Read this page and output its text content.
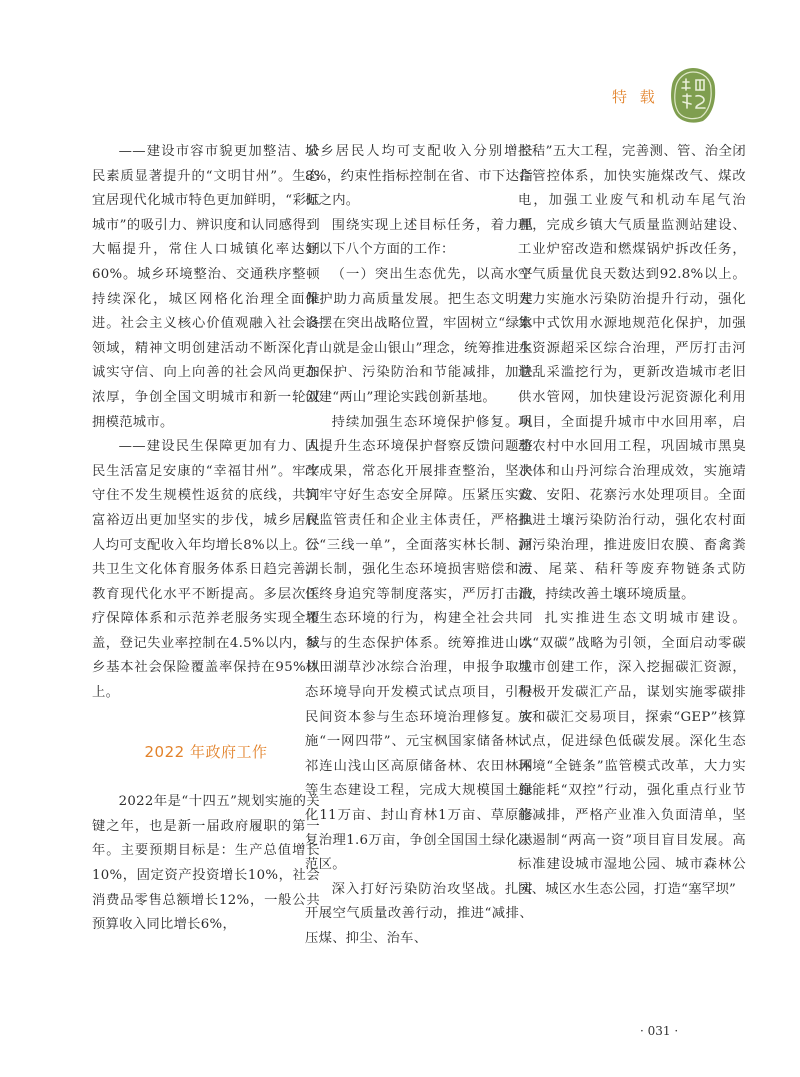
特 载

——建设市容市貌更加整洁、公民素质显著提升的“文明甘州”。生态宜居现代化城市特色更加鲜明，“彩虹城市”的吸引力、辨识度和认同感得到大幅提升，常住人口城镇化率达到60%。城乡环境整治、交通秩序整顿持续深化，城区网格化治理全面推进。社会主义核心价值观融入社会各领域，精神文明创建活动不断深化，诚实守信、向上向善的社会风尚更加浓厚，争创全国文明城市和新一轮双拥模范城市。

——建设民生保障更加有力、人民生活富足安康的“幸福甘州”。牢牢守住不发生规模性返贫的底线，共同富裕迈出更加坚实的步伐，城乡居民人均可支配收入年均增长8%以上。公共卫生文化体育服务体系日趋完善，教育现代化水平不断提高。多层次医疗保障体系和示范养老服务实现全覆盖，登记失业率控制在4.5%以内，城乡基本社会保险覆盖率保持在95%以上。

2022 年政府工作

2022年是“十四五”规划实施的关键之年，也是新一届政府履职的第一年。主要预期目标是：生产总值增长10%，固定资产投资增长10%，社会消费品零售总额增长12%，一般公共预算收入同比增长6%，

城乡居民人均可支配收入分别增长8%，约束性指标控制在省、市下达指标之内。

围绕实现上述目标任务，着力抓好以下八个方面的工作：

（一）突出生态优先，以高水平保护助力高质量发展。把生态文明建设摆在突出战略位置，牢固树立“绿水青山就是金山银山”理念，统筹推进生态保护、污染防治和节能减排，加快创建“两山”理论实践创新基地。

持续加强生态环境保护修复。巩固提升生态环境保护督察反馈问题整改成果，常态化开展排查整治，坚决筑牢守好生态安全屏障。压紧压实政府监管责任和企业主体责任，严格执行“三线一单”，全面落实林长制、河湖长制，强化生态环境损害赔偿和责任终身追究等制度落实，严厉打击破坏生态环境的行为，构建全社会共同参与的生态保护体系。统筹推进山水林田湖草沙冰综合治理，申报争取生态环境导向开发模式试点项目，引导民间资本参与生态环境治理修复。实施“一网四带”、元宝枫国家储备林、祁连山浅山区高原储备林、农田林网等生态建设工程，完成大规模国土绿化11万亩、封山育林1万亩、草原修复治理1.6万亩，争创全国国土绿化示范区。

深入打好污染防治攻坚战。扎实开展空气质量改善行动，推进“减排、压煤、抑尘、治车、

控秸”五大工程，完善测、管、治全闭合管控体系，加快实施煤改气、煤改电，加强工业废气和机动车尾气治理，完成乡镇大气质量监测站建设、工业炉窑改造和燃煤锅炉拆改任务，空气质量优良天数达到92.8%以上。大力实施水污染防治提升行动，强化集中式饮用水源地规范化保护，加强水资源超采区综合治理，严厉打击河道乱采滥挖行为，更新改造城市老旧供水管网，加快建设污泥资源化利用项目，全面提升城市中水回用率，启动农村中水回用工程，巩固城市黑臭水体和山丹河综合治理成效，实施靖安、安阳、花寨污水处理项目。全面推进土壤污染防治行动，强化农村面源污染治理，推进废旧农膜、畜禽粪污、尾菜、秸秆等废弃物链条式防治，持续改善土壤环境质量。

扎实推进生态文明城市建设。以“双碳”战略为引领，全面启动零碳城市创建工作，深入挖掘碳汇资源，积极开发碳汇产品，谋划实施零碳排放和碳汇交易项目，探索“GEP”核算试点，促进绿色低碳发展。深化生态环境“全链条”监管模式改革，大力实施能耗“双控”行动，强化重点行业节能减排，严格产业准入负面清单，坚决遏制“两高一资”项目盲目发展。高标准建设城市湿地公园、城市森林公园、城区水生态公园，打造“塞罕坝”

· 031 ·
